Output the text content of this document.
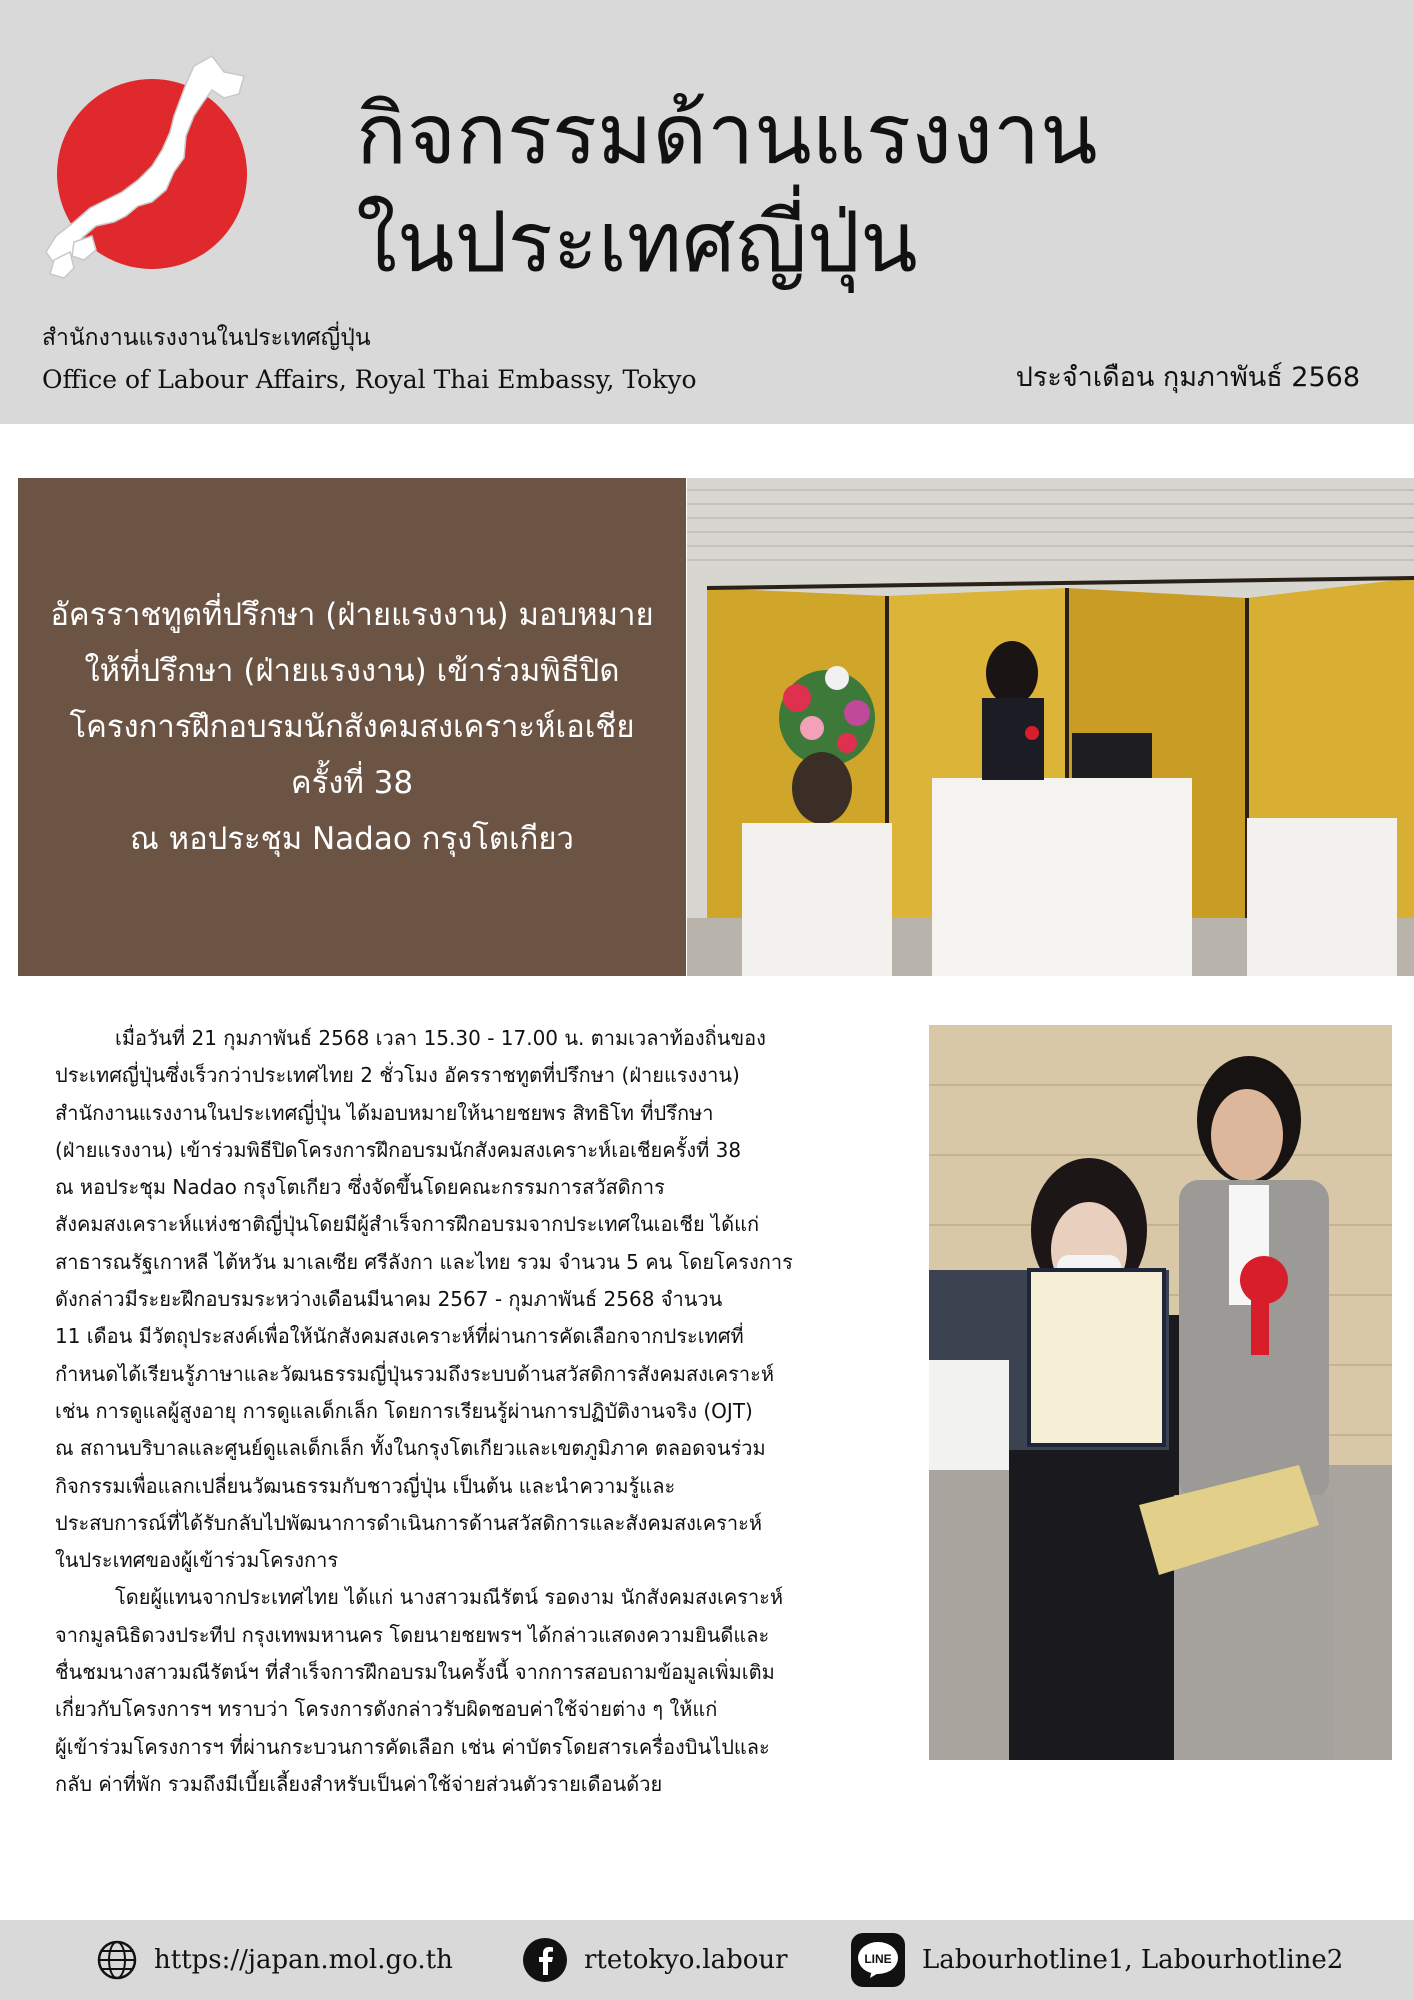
กิจกรรมด้านแรงงาน
ในประเทศญี่ปุ่น
สำนักงานแรงงานในประเทศญี่ปุ่น
Office of Labour Affairs, Royal Thai Embassy, Tokyo	ประจำเดือน กุมภาพันธ์ 2568
อัครราชทูตที่ปรึกษา (ฝ่ายแรงงาน) มอบหมาย
ให้ที่ปรึกษา (ฝ่ายแรงงาน) เข้าร่วมพิธีปิด
โครงการฝึกอบรมนักสังคมสงเคราะห์เอเชีย
ครั้งที่ 38
ณ หอประชุม Nadao กรุงโตเกียว
เมื่อวันที่ 21 กุมภาพันธ์ 2568 เวลา 15.30 - 17.00 น. ตามเวลาท้องถิ่นของ
ประเทศญี่ปุ่นซึ่งเร็วกว่าประเทศไทย 2 ชั่วโมง อัครราชทูตที่ปรึกษา (ฝ่ายแรงงาน)
สำนักงานแรงงานในประเทศญี่ปุ่น ได้มอบหมายให้นายชยพร สิทธิโท ที่ปรึกษา
(ฝ่ายแรงงาน) เข้าร่วมพิธีปิดโครงการฝึกอบรมนักสังคมสงเคราะห์เอเชียครั้งที่ 38
ณ หอประชุม Nadao กรุงโตเกียว ซึ่งจัดขึ้นโดยคณะกรรมการสวัสดิการ
สังคมสงเคราะห์แห่งชาติญี่ปุ่นโดยมีผู้สำเร็จการฝึกอบรมจากประเทศในเอเชีย ได้แก่
สาธารณรัฐเกาหลี ไต้หวัน มาเลเซีย ศรีลังกา และไทย รวม จำนวน 5 คน โดยโครงการ
ดังกล่าวมีระยะฝึกอบรมระหว่างเดือนมีนาคม 2567 - กุมภาพันธ์ 2568 จำนวน
11 เดือน มีวัตถุประสงค์เพื่อให้นักสังคมสงเคราะห์ที่ผ่านการคัดเลือกจากประเทศที่
กำหนดได้เรียนรู้ภาษาและวัฒนธรรมญี่ปุ่นรวมถึงระบบด้านสวัสดิการสังคมสงเคราะห์
เช่น การดูแลผู้สูงอายุ การดูแลเด็กเล็ก โดยการเรียนรู้ผ่านการปฏิบัติงานจริง (OJT)
ณ สถานบริบาลและศูนย์ดูแลเด็กเล็ก ทั้งในกรุงโตเกียวและเขตภูมิภาค ตลอดจนร่วม
กิจกรรมเพื่อแลกเปลี่ยนวัฒนธรรมกับชาวญี่ปุ่น เป็นต้น และนำความรู้และ
ประสบการณ์ที่ได้รับกลับไปพัฒนาการดำเนินการด้านสวัสดิการและสังคมสงเคราะห์
ในประเทศของผู้เข้าร่วมโครงการ
โดยผู้แทนจากประเทศไทย ได้แก่ นางสาวมณีรัตน์ รอดงาม นักสังคมสงเคราะห์
จากมูลนิธิดวงประทีป กรุงเทพมหานคร โดยนายชยพรฯ ได้กล่าวแสดงความยินดีและ
ชื่นชมนางสาวมณีรัตน์ฯ ที่สำเร็จการฝึกอบรมในครั้งนี้ จากการสอบถามข้อมูลเพิ่มเติม
เกี่ยวกับโครงการฯ ทราบว่า โครงการดังกล่าวรับผิดชอบค่าใช้จ่ายต่าง ๆ ให้แก่
ผู้เข้าร่วมโครงการฯ ที่ผ่านกระบวนการคัดเลือก เช่น ค่าบัตรโดยสารเครื่องบินไปและ
กลับ ค่าที่พัก รวมถึงมีเบี้ยเลี้ยงสำหรับเป็นค่าใช้จ่ายส่วนตัวรายเดือนด้วย
https://japan.mol.go.th	rtetokyo.labour	LINE Labourhotline1, Labourhotline2
